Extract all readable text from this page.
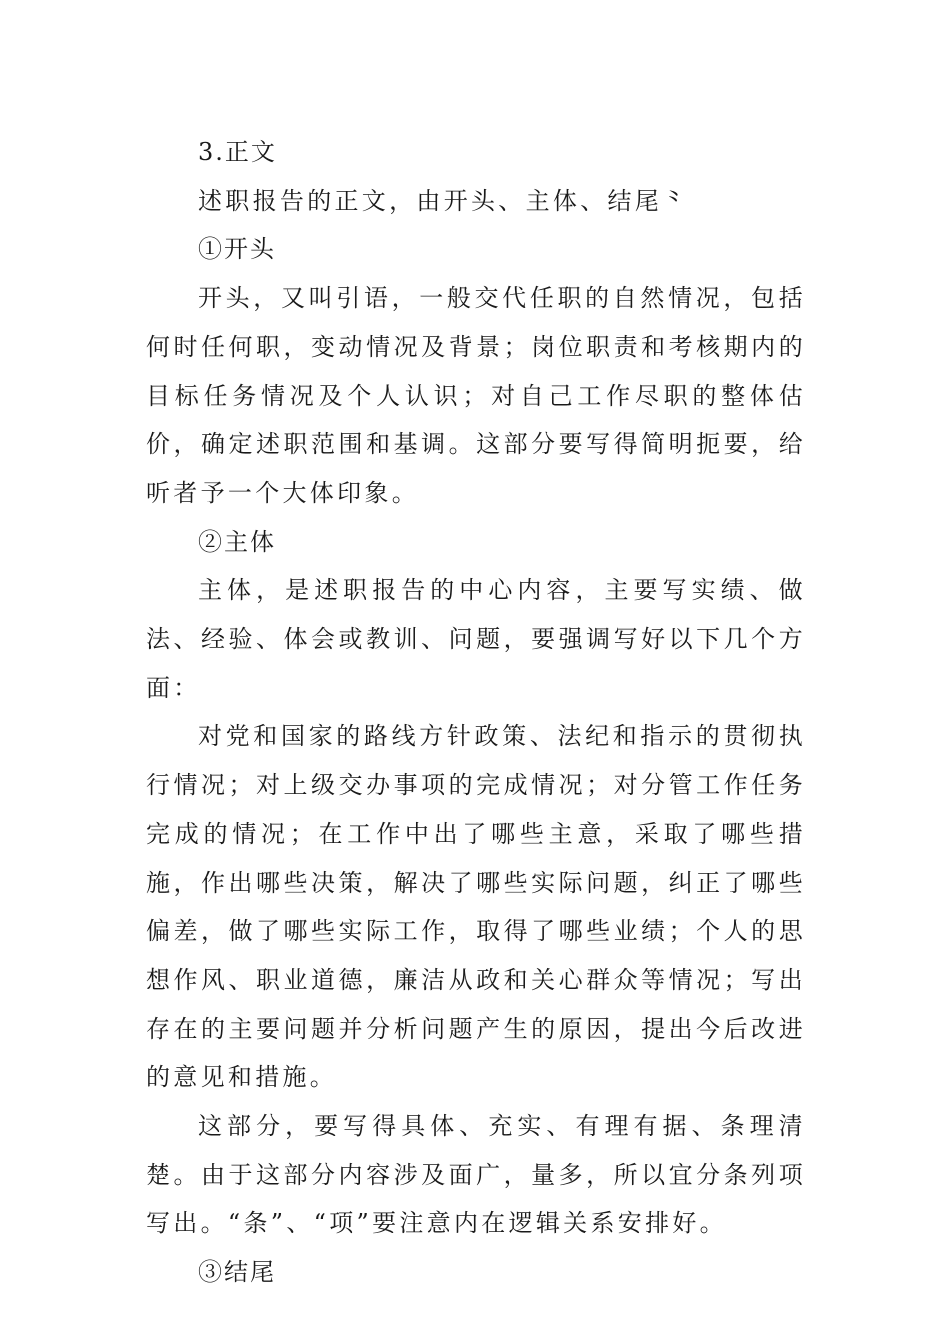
3.正文

述职报告的正文，由开头、主体、结尾⺀

①开头

开头，又叫引语，一般交代任职的自然情况，包括何时任何职，变动情况及背景；岗位职责和考核期内的目标任务情况及个人认识；对自己工作尽职的整体估价，确定述职范围和基调。这部分要写得简明扼要，给听者予一个大体印象。

②主体

主体，是述职报告的中心内容，主要写实绩、做法、经验、体会或教训、问题，要强调写好以下几个方面：

对党和国家的路线方针政策、法纪和指示的贯彻执行情况；对上级交办事项的完成情况；对分管工作任务完成的情况；在工作中出了哪些主意，采取了哪些措施，作出哪些决策，解决了哪些实际问题，纠正了哪些偏差，做了哪些实际工作，取得了哪些业绩；个人的思想作风、职业道德，廉洁从政和关心群众等情况；写出存在的主要问题并分析问题产生的原因，提出今后改进的意见和措施。

这部分，要写得具体、充实、有理有据、条理清楚。由于这部分内容涉及面广，量多，所以宜分条列项写出。“条”、“项”要注意内在逻辑关系安排好。

③结尾
